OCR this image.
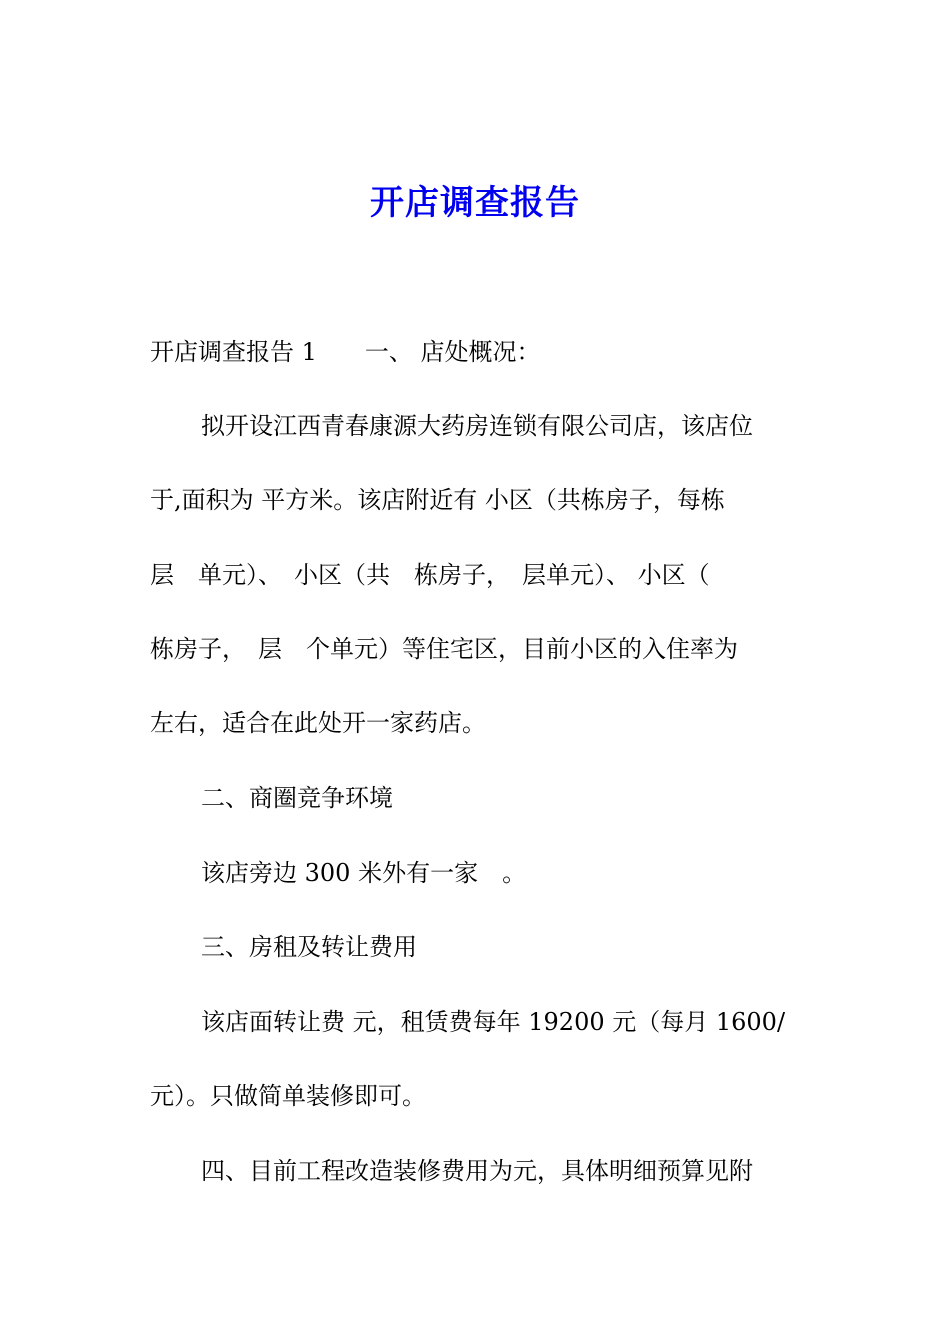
开店调查报告
开店调查报告 1　　一、 店处概况：
拟开设江西青春康源大药房连锁有限公司店，该店位
于,面积为 平方米。该店附近有 小区（共栋房子，每栋
层　单元）、　小区（共　栋房子，　层单元）、 小区（
栋房子，　层　个单元）等住宅区，目前小区的入住率为
左右，适合在此处开一家药店。
二、商圈竞争环境
该店旁边 300 米外有一家　。
三、房租及转让费用
该店面转让费 元，租赁费每年 19200 元（每月 1600/
元）。只做简单装修即可。
四、目前工程改造装修费用为元，具体明细预算见附
